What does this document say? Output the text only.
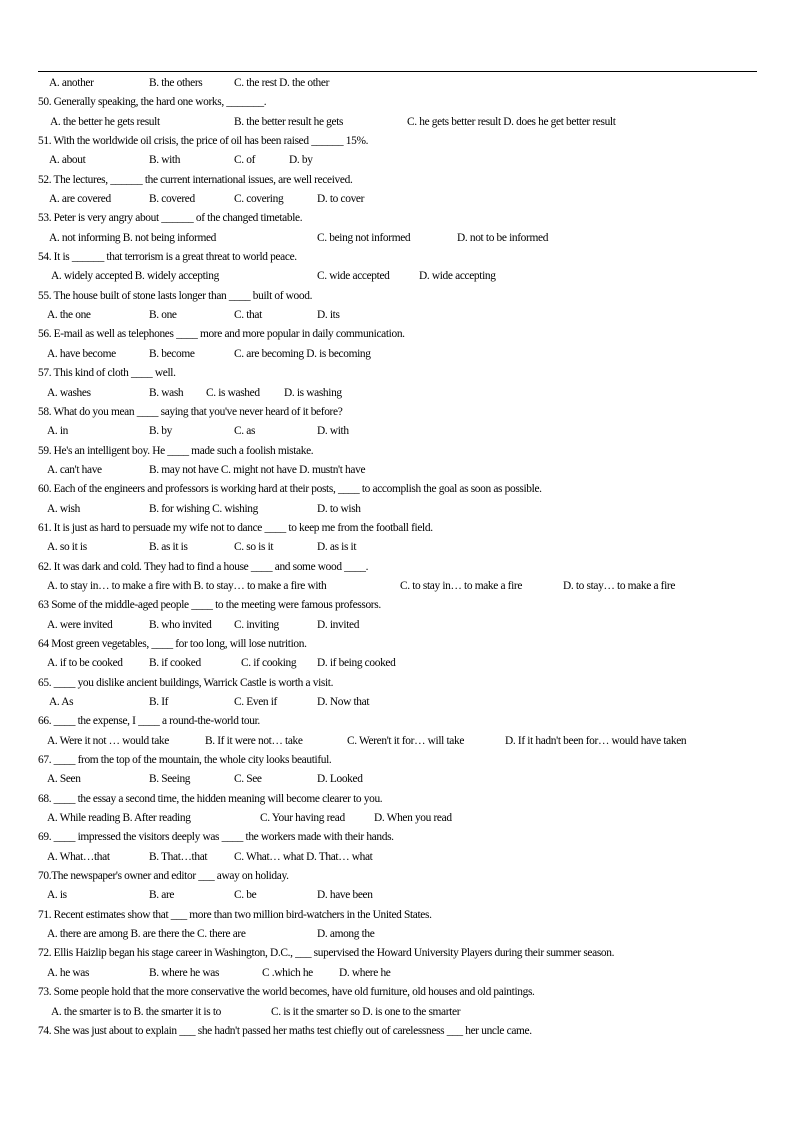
A. another	B. the others	C. the rest D. the other
50. Generally speaking, the hard one works, _______.
A. the better he gets result	B. the better result he gets	C. he gets better result D. does he get better result
51. With the worldwide oil crisis, the price of oil has been raised ______ 15%.
A. about	B. with	C. of	D. by
52. The lectures, ______ the current international issues, are well received.
A. are covered	B. covered	C. covering	D. to cover
53. Peter is very angry about ______ of the changed timetable.
A. not informing B. not being informed	C. being not informed	D. not to be informed
54. It is ______ that terrorism is a great threat to world peace.
A. widely accepted B. widely accepting	C. wide accepted	D. wide accepting
55. The house built of stone lasts longer than ____ built of wood.
A. the one	B. one	C. that	D. its
56. E-mail as well as telephones ____ more and more popular in daily communication.
A. have become	B. become	C. are becoming D. is becoming
57. This kind of cloth ____ well.
A. washes	B. wash C. is washed D. is washing
58. What do you mean ____ saying that you've never heard of it before?
A. in	B. by	C. as	D. with
59. He's an intelligent boy. He ____ made such a foolish mistake.
A. can't have	B. may not have C. might not have D. mustn't have
60. Each of the engineers and professors is working hard at their posts, ____ to accomplish the goal as soon as possible.
A. wish	B. for wishing C. wishing	D. to wish
61. It is just as hard to persuade my wife not to dance ____ to keep me from the football field.
A. so it is	B. as it is	C. so is it	D. as is it
62. It was dark and cold. They had to find a house ____ and some wood ____.
A. to stay in… to make a fire with B. to stay… to make a fire with	C. to stay in… to make a fire	D. to stay… to make a fire
63 Some of the middle-aged people ____ to the meeting were famous professors.
A. were invited	B. who invited C. inviting	D. invited
64 Most green vegetables, ____ for too long, will lose nutrition.
A. if to be cooked B. if cooked	C. if cooking D. if being cooked
65. ____ you dislike ancient buildings, Warrick Castle is worth a visit.
A. As	B. If	C. Even if	D. Now that
66. ____ the expense, I ____ a round-the-world tour.
A. Were it not … would take	B. If it were not… take	C. Weren't it for… will take	D. If it hadn't been for… would have taken
67. ____ from the top of the mountain, the whole city looks beautiful.
A. Seen	B. Seeing	C. See	D. Looked
68. ____ the essay a second time, the hidden meaning will become clearer to you.
A. While reading B. After reading	C. Your having read	D. When you read
69. ____ impressed the visitors deeply was ____ the workers made with their hands.
A. What…that	B. That…that C. What… what D. That… what
70.The newspaper's owner and editor ___ away on holiday.
A. is	B. are	C. be	D. have been
71. Recent estimates show that ___ more than two million bird-watchers in the United States.
A. there are among B. are there the C. there are	D. among the
72. Ellis Haizlip began his stage career in Washington, D.C., ___ supervised the Howard University Players during their summer season.
A. he was	B. where he was	C .which he D. where he
73. Some people hold that the more conservative the world becomes, have old furniture, old houses and old paintings.
A. the smarter is to B. the smarter it is to	C. is it the smarter so D. is one to the smarter
74. She was just about to explain ___ she hadn't passed her maths test chiefly out of carelessness ___ her uncle came.
